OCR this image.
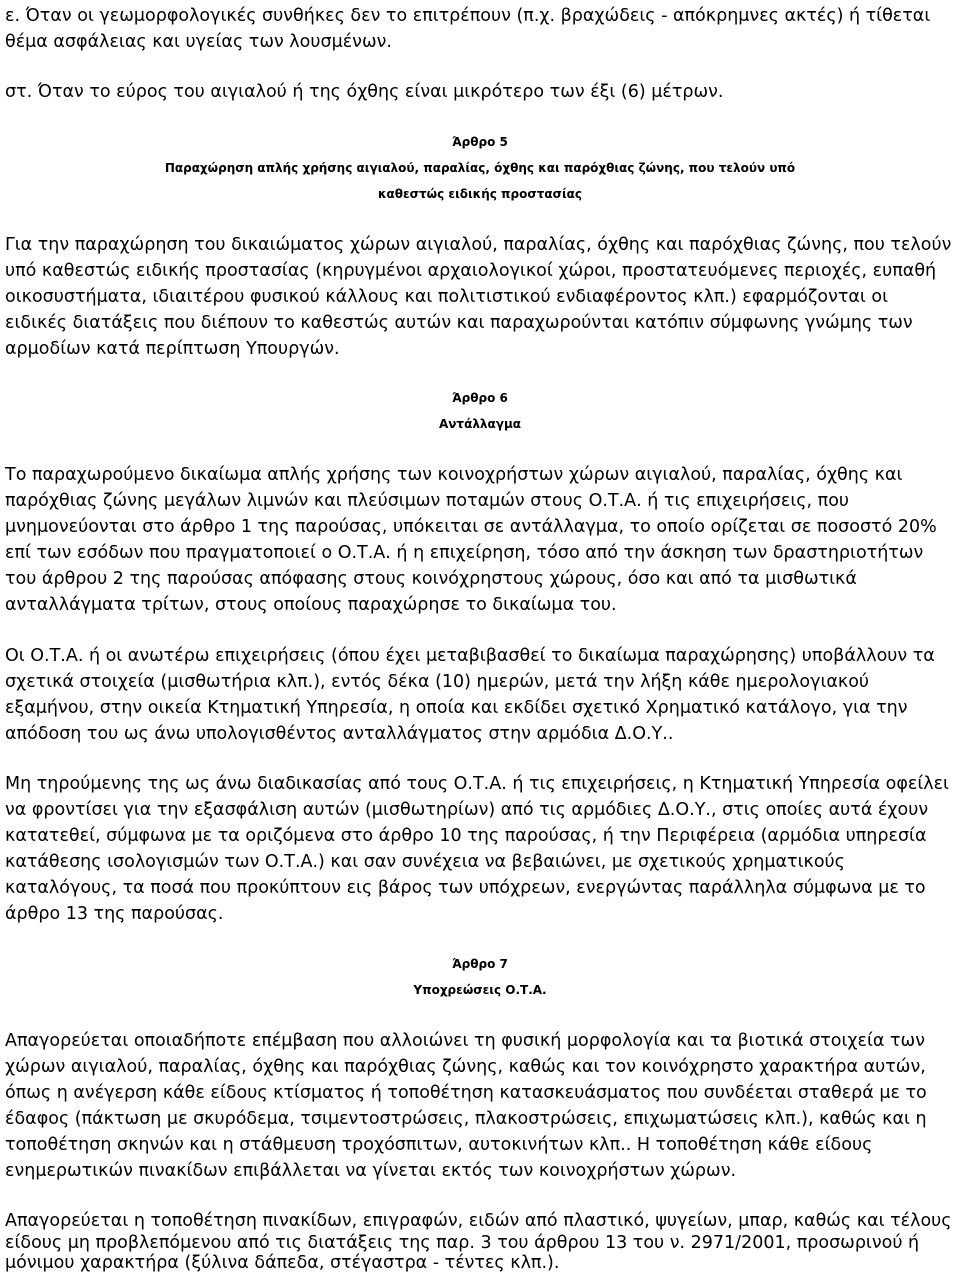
ε. Όταν οι γεωμορφολογικές συνθήκες δεν το επιτρέπουν (π.χ. βραχώδεις - απόκρημνες ακτές) ή τίθεται
θέμα ασφάλειας και υγείας των λουσμένων.
στ. Όταν το εύρος του αιγιαλού ή της όχθης είναι μικρότερο των έξι (6) μέτρων.
Άρθρο 5
Παραχώρηση απλής χρήσης αιγιαλού, παραλίας, όχθης και παρόχθιας ζώνης, που τελούν υπό
καθεστώς ειδικής προστασίας
Για την παραχώρηση του δικαιώματος χώρων αιγιαλού, παραλίας, όχθης και παρόχθιας ζώνης, που τελούν
υπό καθεστώς ειδικής προστασίας (κηρυγμένοι αρχαιολογικοί χώροι, προστατευόμενες περιοχές, ευπαθή
οικοσυστήματα, ιδιαιτέρου φυσικού κάλλους και πολιτιστικού ενδιαφέροντος κλπ.) εφαρμόζονται οι
ειδικές διατάξεις που διέπουν το καθεστώς αυτών και παραχωρούνται κατόπιν σύμφωνης γνώμης των
αρμοδίων κατά περίπτωση Υπουργών.
Άρθρο 6
Αντάλλαγμα
Το παραχωρούμενο δικαίωμα απλής χρήσης των κοινοχρήστων χώρων αιγιαλού, παραλίας, όχθης και
παρόχθιας ζώνης μεγάλων λιμνών και πλεύσιμων ποταμών στους Ο.Τ.Α. ή τις επιχειρήσεις, που
μνημονεύονται στο άρθρο 1 της παρούσας, υπόκειται σε αντάλλαγμα, το οποίο ορίζεται σε ποσοστό 20%
επί των εσόδων που πραγματοποιεί ο Ο.Τ.Α. ή η επιχείρηση, τόσο από την άσκηση των δραστηριοτήτων
του άρθρου 2 της παρούσας απόφασης στους κοινόχρηστους χώρους, όσο και από τα μισθωτικά
ανταλλάγματα τρίτων, στους οποίους παραχώρησε το δικαίωμα του.
Οι Ο.Τ.Α. ή οι ανωτέρω επιχειρήσεις (όπου έχει μεταβιβασθεί το δικαίωμα παραχώρησης) υποβάλλουν τα
σχετικά στοιχεία (μισθωτήρια κλπ.), εντός δέκα (10) ημερών, μετά την λήξη κάθε ημερολογιακού
εξαμήνου, στην οικεία Κτηματική Υπηρεσία, η οποία και εκδίδει σχετικό Χρηματικό κατάλογο, για την
απόδοση του ως άνω υπολογισθέντος ανταλλάγματος στην αρμόδια Δ.Ο.Υ..
Μη τηρούμενης της ως άνω διαδικασίας από τους Ο.Τ.Α. ή τις επιχειρήσεις, η Κτηματική Υπηρεσία οφείλει
να φροντίσει για την εξασφάλιση αυτών (μισθωτηρίων) από τις αρμόδιες Δ.Ο.Υ., στις οποίες αυτά έχουν
κατατεθεί, σύμφωνα με τα οριζόμενα στο άρθρο 10 της παρούσας, ή την Περιφέρεια (αρμόδια υπηρεσία
κατάθεσης ισολογισμών των Ο.Τ.Α.) και σαν συνέχεια να βεβαιώνει, με σχετικούς χρηματικούς
καταλόγους, τα ποσά που προκύπτουν εις βάρος των υπόχρεων, ενεργώντας παράλληλα σύμφωνα με το
άρθρο 13 της παρούσας.
Άρθρο 7
Υποχρεώσεις Ο.Τ.Α.
Απαγορεύεται οποιαδήποτε επέμβαση που αλλοιώνει τη φυσική μορφολογία και τα βιοτικά στοιχεία των
χώρων αιγιαλού, παραλίας, όχθης και παρόχθιας ζώνης, καθώς και τον κοινόχρηστο χαρακτήρα αυτών,
όπως η ανέγερση κάθε είδους κτίσματος ή τοποθέτηση κατασκευάσματος που συνδέεται σταθερά με το
έδαφος (πάκτωση με σκυρόδεμα, τσιμεντοστρώσεις, πλακοστρώσεις, επιχωματώσεις κλπ.), καθώς και η
τοποθέτηση σκηνών και η στάθμευση τροχόσπιτων, αυτοκινήτων κλπ.. Η τοποθέτηση κάθε είδους
ενημερωτικών πινακίδων επιβάλλεται να γίνεται εκτός των κοινοχρήστων χώρων.
Απαγορεύεται η τοποθέτηση πινακίδων, επιγραφών, ειδών από πλαστικό, ψυγείων, μπαρ, καθώς και τέλους
είδους μη προβλεπόμενου από τις διατάξεις της παρ. 3 του άρθρου 13 του ν. 2971/2001, προσωρινού ή
μόνιμου χαρακτήρα (ξύλινα δάπεδα, στέγαστρα - τέντες κλπ.).
